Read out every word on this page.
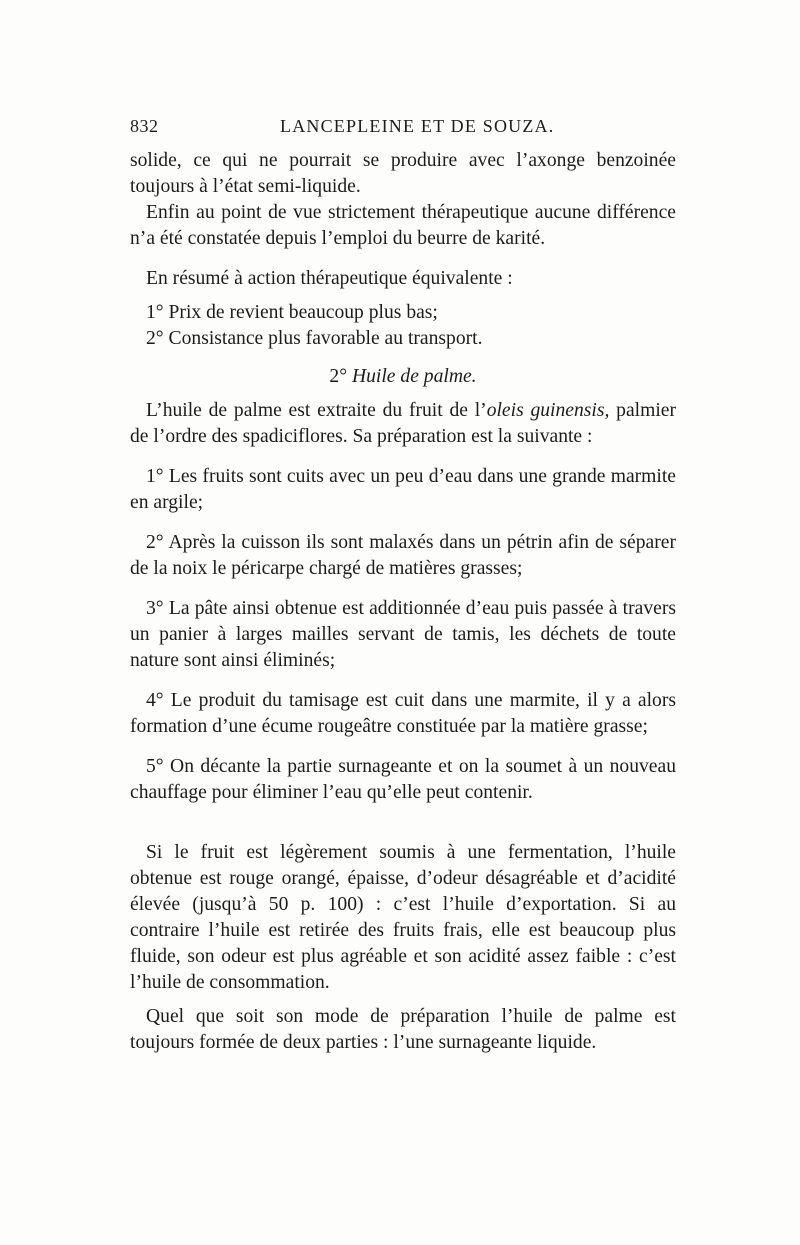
832	LANCEPLEINE ET DE SOUZA.

solide, ce qui ne pourrait se produire avec l’axonge benzoinée toujours à l’état semi-liquide.

Enfin au point de vue strictement thérapeutique aucune différence n’a été constatée depuis l’emploi du beurre de karité.

En résumé à action thérapeutique équivalente :

1° Prix de revient beaucoup plus bas;

2° Consistance plus favorable au transport.

2° Huile de palme.

L’huile de palme est extraite du fruit de l’oleis guinensis, palmier de l’ordre des spadiciflores. Sa préparation est la suivante :

1° Les fruits sont cuits avec un peu d’eau dans une grande marmite en argile;

2° Après la cuisson ils sont malaxés dans un pétrin afin de séparer de la noix le péricarpe chargé de matières grasses;

3° La pâte ainsi obtenue est additionnée d’eau puis passée à travers un panier à larges mailles servant de tamis, les déchets de toute nature sont ainsi éliminés;

4° Le produit du tamisage est cuit dans une marmite, il y a alors formation d’une écume rougeâtre constituée par la matière grasse;

5° On décante la partie surnageante et on la soumet à un nouveau chauffage pour éliminer l’eau qu’elle peut contenir.

Si le fruit est légèrement soumis à une fermentation, l’huile obtenue est rouge orangé, épaisse, d’odeur désagréable et d’acidité élevée (jusqu’à 50 p. 100) : c’est l’huile d’exportation. Si au contraire l’huile est retirée des fruits frais, elle est beaucoup plus fluide, son odeur est plus agréable et son acidité assez faible : c’est l’huile de consommation.

Quel que soit son mode de préparation l’huile de palme est toujours formée de deux parties : l’une surnageante liquide.
